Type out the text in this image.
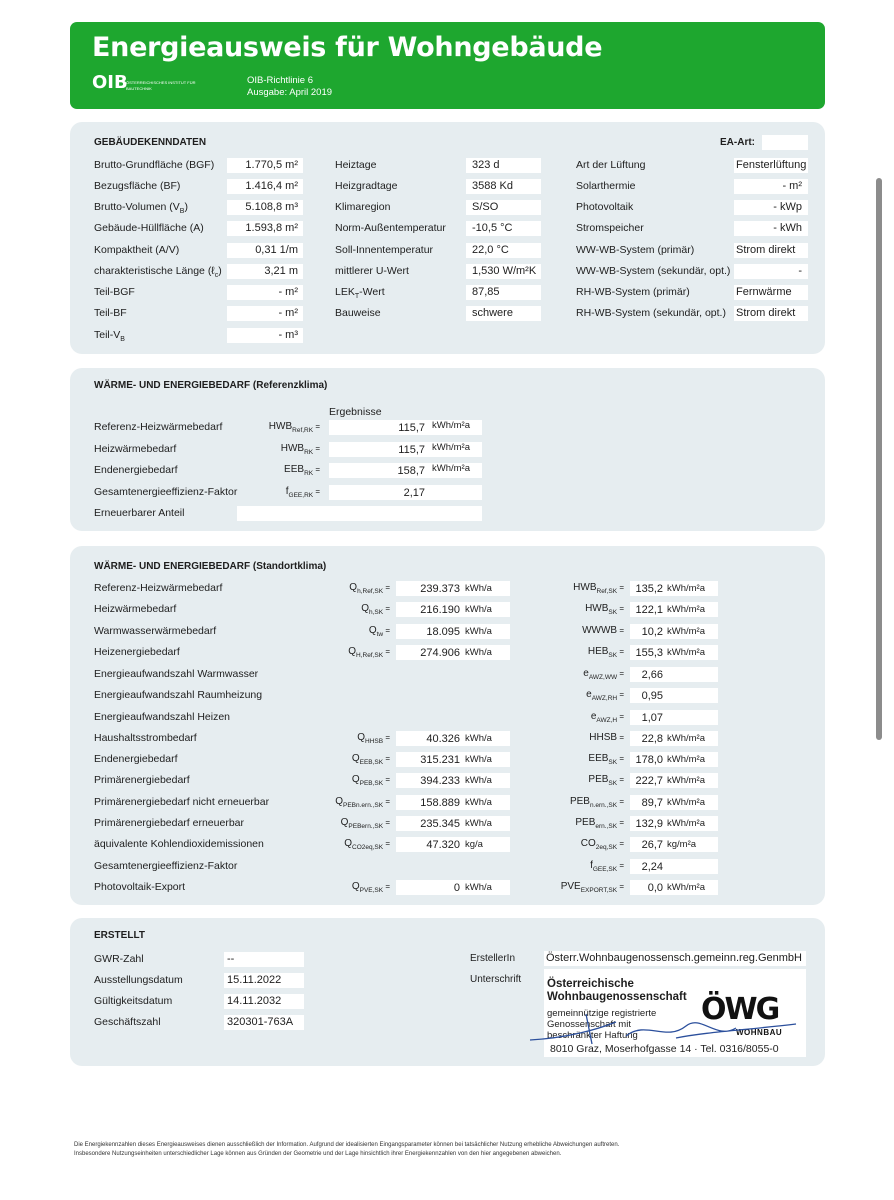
Energieausweis für Wohngebäude
OIB
ÖSTERREICHISCHES INSTITUT FÜR BAUTECHNIK
OIB-Richtlinie 6
Ausgabe: April 2019
GEBÄUDEKENNDATEN	EA-Art:
Brutto-Grundfläche (BGF)	1.770,5 m²
Bezugsfläche (BF)	1.416,4 m²
Brutto-Volumen $(V_B)$	5.108,8 m³
Gebäude-Hüllfläche (A)	1.593,8 m²
Kompaktheit (A/V)	0,31 1/m
charakteristische Länge (ℓ$_c$)	3,21 m
Teil-BGF	- m²
Teil-BF	- m²
Teil-$V_B$	- m³
Heiztage	323 d
Heizgradtage	3588 Kd
Klimaregion	S/SO
Norm-Außentemperatur	-10,5 °C
Soll-Innentemperatur	22,0 °C
mittlerer U-Wert	1,530 W/m²K
$LEK_T$-Wert	87,85
Bauweise	schwere
Art der Lüftung	Fensterlüftung
Solarthermie	- m²
Photovoltaik	- kWp
Stromspeicher	- kWh
WW-WB-System (primär)	Strom direkt
WW-WB-System (sekundär, opt.)	-
RH-WB-System (primär)	Fernwärme
RH-WB-System (sekundär, opt.) Strom direkt
WÄRME- UND ENERGIEBEDARF (Referenzklima)
Ergebnisse
Referenz-Heizwärmebedarf	$HWB_{Ref,RK}$ =	115,7 kWh/m²a
Heizwärmebedarf	$HWB_{RK}$ =	115,7 kWh/m²a
Endenergiebedarf	$EEB_{RK}$ =	158,7 kWh/m²a
Gesamtenergieeffizienz-Faktor	$f_{GEE,RK}$ =	2,17
Erneuerbarer Anteil
WÄRME- UND ENERGIEBEDARF (Standortklima)
Referenz-Heizwärmebedarf	$Q_{h,Ref,SK}$ =	239.373 kWh/a	$HWB_{Ref,SK}$ =	135,2 kWh/m²a
Heizwärmebedarf	$Q_{h,SK}$ =	216.190 kWh/a	$HWB_{SK}$ =	122,1 kWh/m²a
Warmwasserwärmebedarf	$Q_{tw}$ =	18.095 kWh/a	WWWB =	10,2 kWh/m²a
Heizenergiebedarf	$Q_{H,Ref,SK}$ =	274.906 kWh/a	$HEB_{SK}$ =	155,3 kWh/m²a
Energieaufwandszahl Warmwasser	$e_{AWZ,WW}$ =	2,66
Energieaufwandszahl Raumheizung	$e_{AWZ,RH}$ =	0,95
Energieaufwandszahl Heizen	$e_{AWZ,H}$ =	1,07
Haushaltsstrombedarf	$Q_{HHSB}$ =	40.326 kWh/a	HHSB =	22,8 kWh/m²a
Endenergiebedarf	$Q_{EEB,SK}$ =	315.231 kWh/a	$EEB_{SK}$ =	178,0 kWh/m²a
Primärenergiebedarf	$Q_{PEB,SK}$ =	394.233 kWh/a	$PEB_{SK}$ =	222,7 kWh/m²a
Primärenergiebedarf nicht erneuerbar	$Q_{PEBn.ern.,SK}$ =	158.889 kWh/a	$PEB_{n.ern.,SK}$ =	89,7 kWh/m²a
Primärenergiebedarf erneuerbar	$Q_{PEBern.,SK}$ =	235.345 kWh/a	$PEB_{ern.,SK}$ =	132,9 kWh/m²a
äquivalente Kohlendioxidemissionen	$Q_{CO2eq,SK}$ =	47.320 kg/a	$CO_{2eq,SK}$ =	26,7 kg/m²a
Gesamtenergieeffizienz-Faktor	$f_{GEE,SK}$ =	2,24
Photovoltaik-Export	$Q_{PVE,SK}$ =	0 kWh/a	$PVE_{EXPORT,SK}$ =	0,0 kWh/m²a
ERSTELLT
GWR-Zahl	--
Ausstellungsdatum	15.11.2022
Gültigkeitsdatum	14.11.2032
Geschäftszahl	320301-763A
ErstellerIn	Österr.Wohnbaugenossensch.gemeinn.reg.GenmbH
Unterschrift Österreichische
Wohnbaugenossenschaft
gemeinnützige registrierte
Genossenschaft mit
beschränkter Haftung
ÖWG
WOHNBAU
8010 Graz, Moserhofgasse 14 · Tel. 0316/8055-0
Die Energiekennzahlen dieses Energieausweises dienen ausschließlich der Information. Aufgrund der idealisierten Eingangsparameter können bei tatsächlicher Nutzung erhebliche Abweichungen auftreten.
Insbesondere Nutzungseinheiten unterschiedlicher Lage können aus Gründen der Geometrie und der Lage hinsichtlich ihrer Energiekennzahlen von den hier angegebenen abweichen.
